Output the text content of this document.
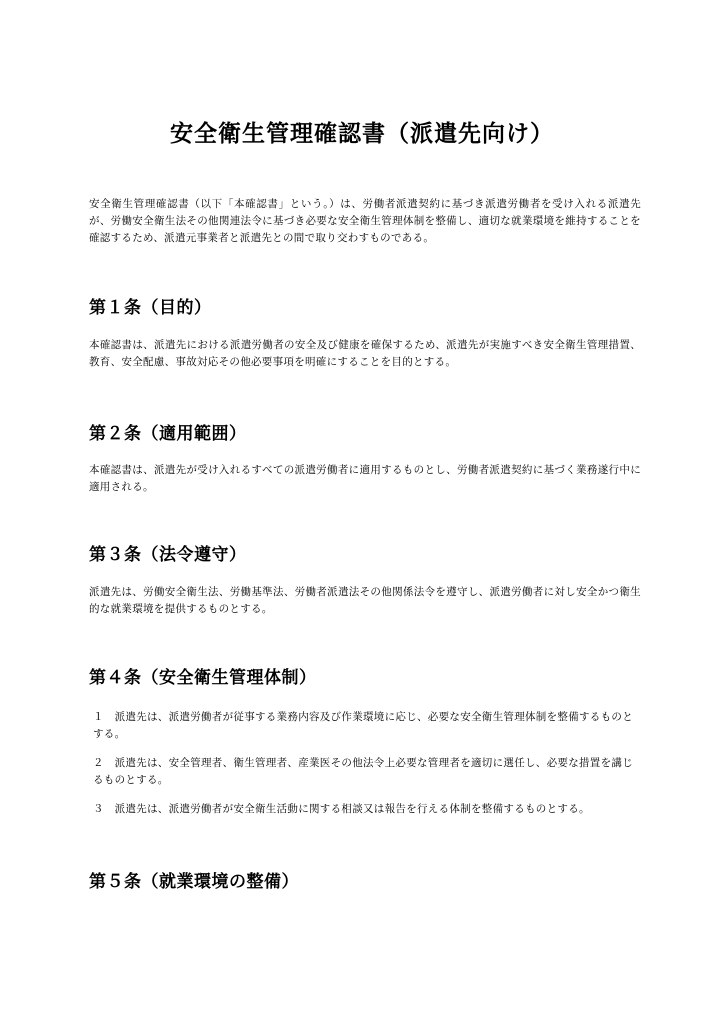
安全衛生管理確認書（派遣先向け）

安全衛生管理確認書（以下「本確認書」という。）は、労働者派遣契約に基づき派遣労働者を受け入れる派遣先が、労働安全衛生法その他関連法令に基づき必要な安全衛生管理体制を整備し、適切な就業環境を維持することを確認するため、派遣元事業者と派遣先との間で取り交わすものである。

第１条（目的）

本確認書は、派遣先における派遣労働者の安全及び健康を確保するため、派遣先が実施すべき安全衛生管理措置、教育、安全配慮、事故対応その他必要事項を明確にすることを目的とする。

第２条（適用範囲）

本確認書は、派遣先が受け入れるすべての派遣労働者に適用するものとし、労働者派遣契約に基づく業務遂行中に適用される。

第３条（法令遵守）

派遣先は、労働安全衛生法、労働基準法、労働者派遣法その他関係法令を遵守し、派遣労働者に対し安全かつ衛生的な就業環境を提供するものとする。

第４条（安全衛生管理体制）

１　派遣先は、派遣労働者が従事する業務内容及び作業環境に応じ、必要な安全衛生管理体制を整備するものとする。

２　派遣先は、安全管理者、衛生管理者、産業医その他法令上必要な管理者を適切に選任し、必要な措置を講じるものとする。

３　派遣先は、派遣労働者が安全衛生活動に関する相談又は報告を行える体制を整備するものとする。

第５条（就業環境の整備）
